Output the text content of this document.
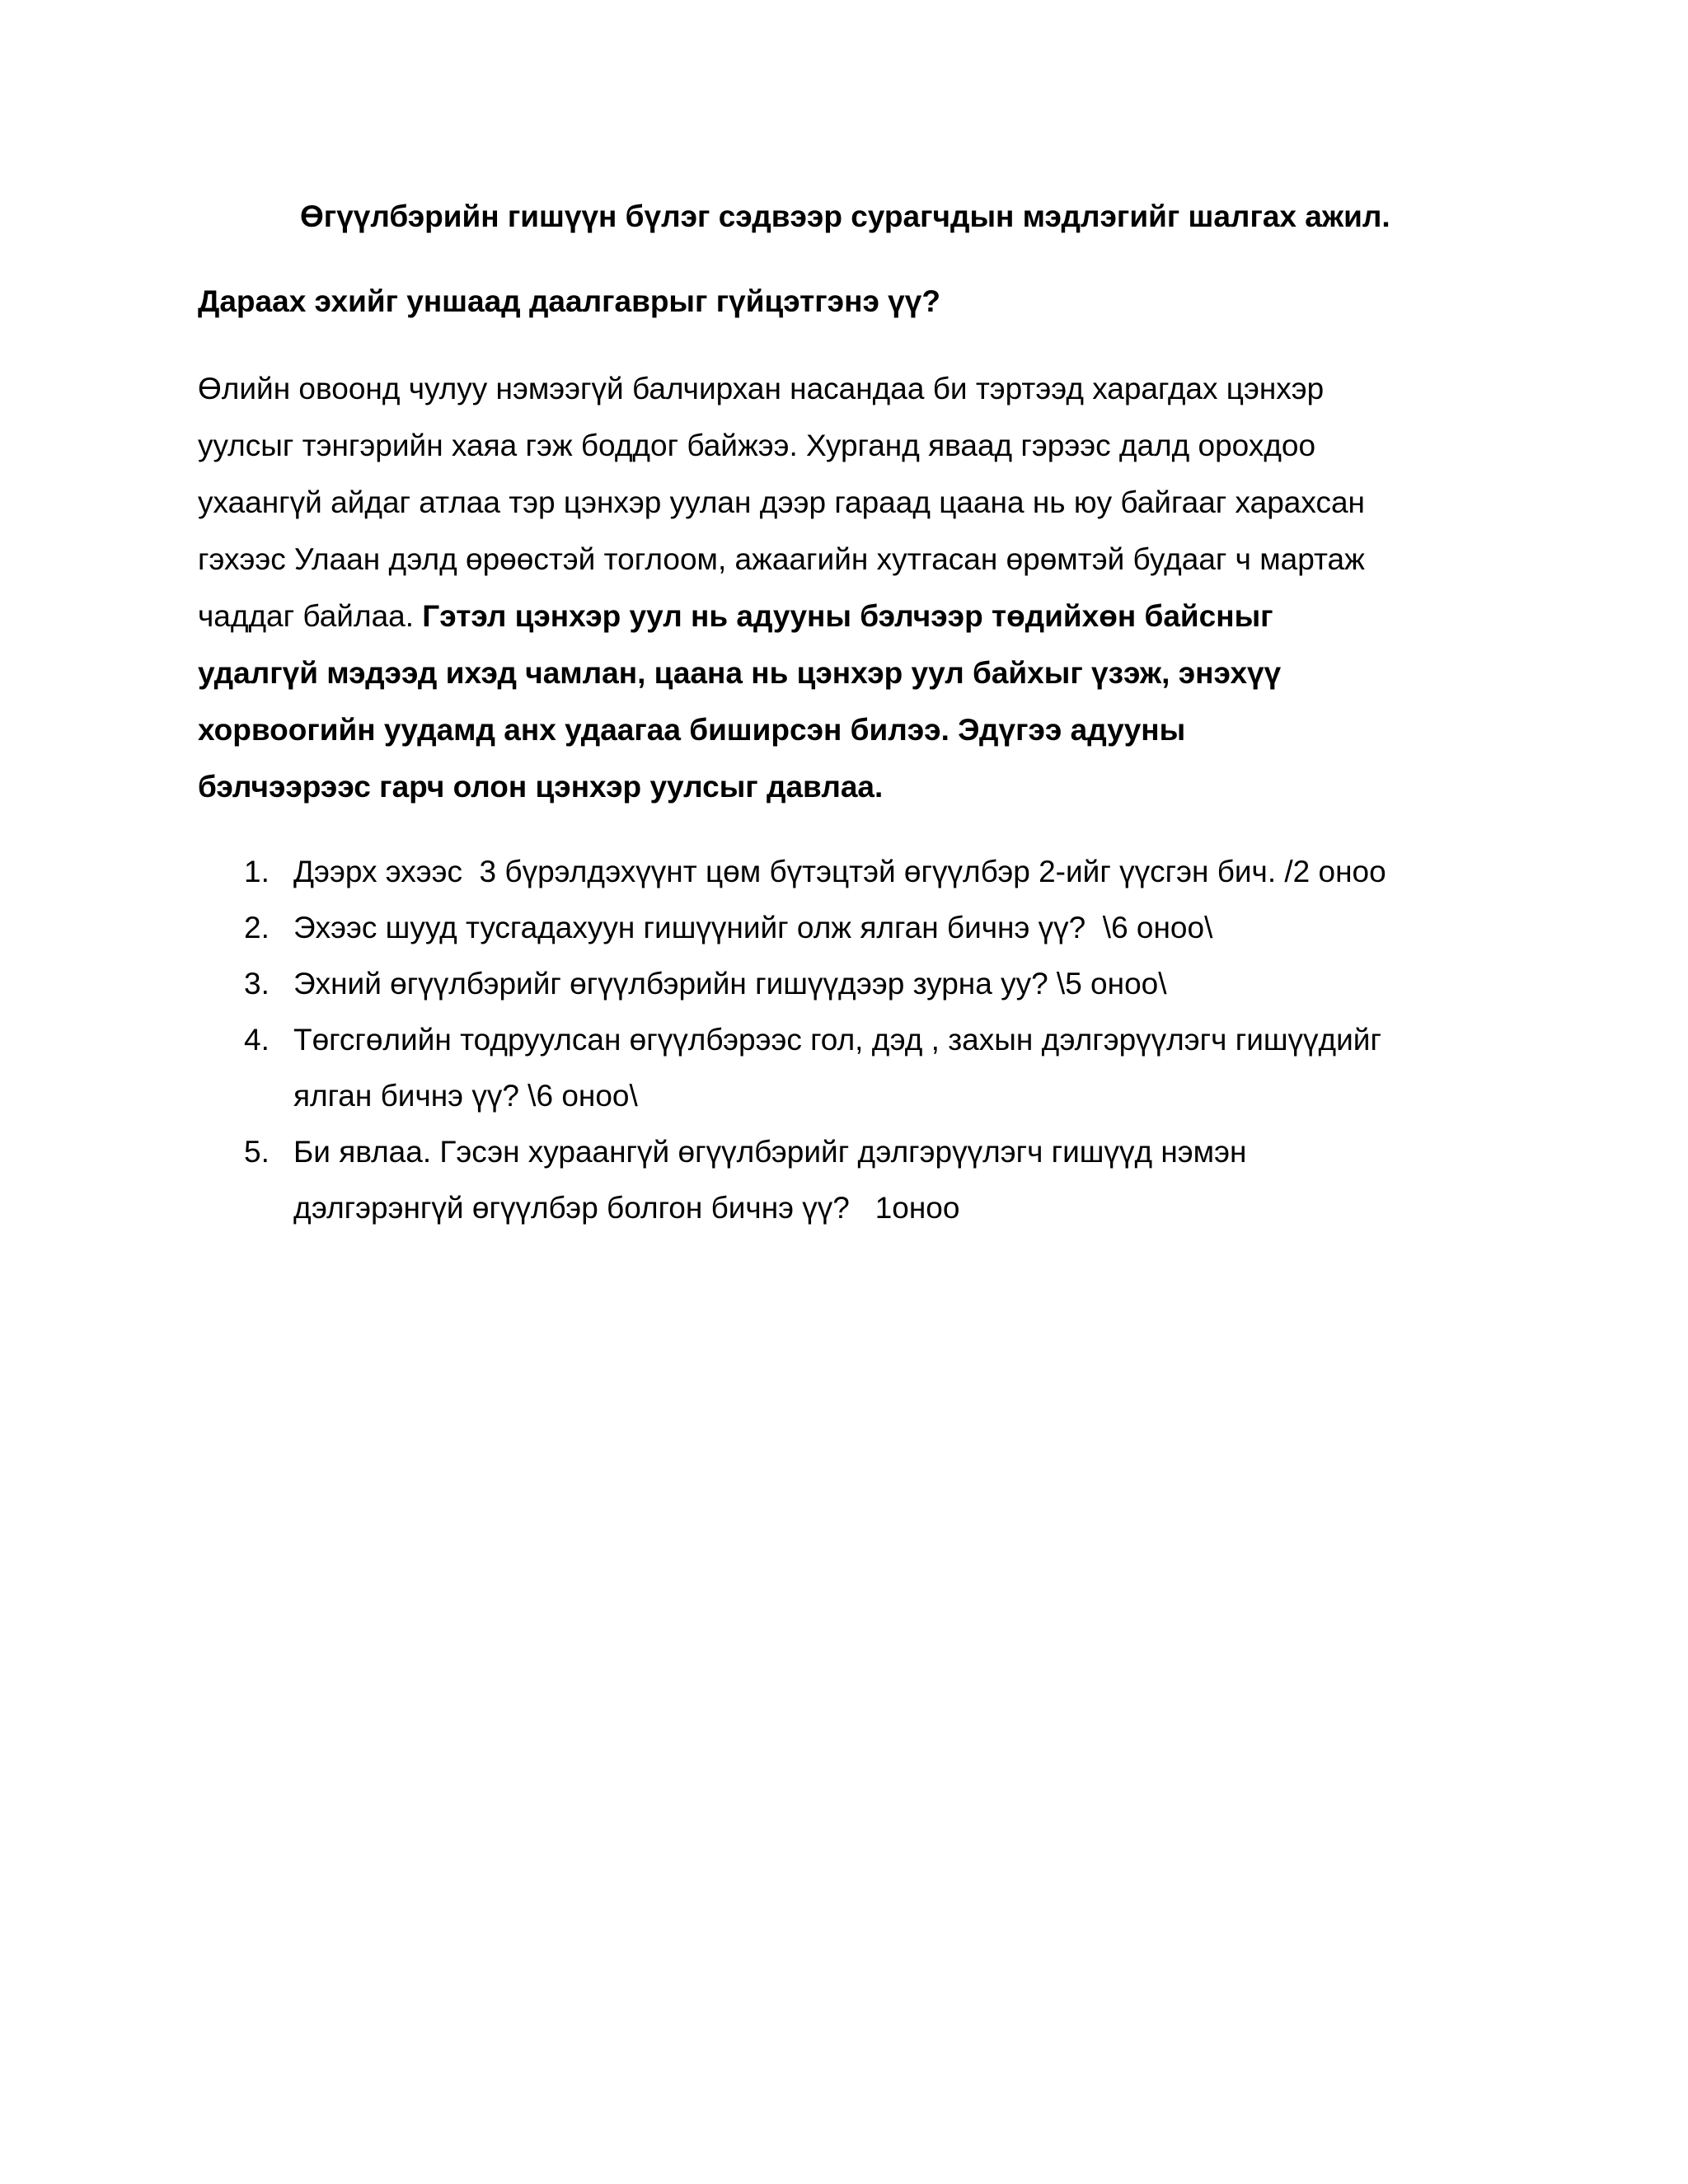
Өгүүлбэрийн гишүүн бүлэг сэдвээр сурагчдын мэдлэгийг шалгах ажил.
Дараах эхийг уншаад даалгаврыг гүйцэтгэнэ үү?
Өлийн овоонд чулуу нэмээгүй балчирхан насандаа би тэртээд харагдах цэнхэр
уулсыг тэнгэрийн хаяа гэж боддог байжээ. Хурганд яваад гэрээс далд орохдоо
ухаангүй айдаг атлаа тэр цэнхэр уулан дээр гараад цаана нь юу байгааг харахсан
гэхээс Улаан дэлд өрөөстэй тоглоом, ажаагийн хутгасан өрөмтэй будааг ч мартаж
чаддаг байлаа. Гэтэл цэнхэр уул нь адууны бэлчээр төдийхөн байсныг
удалгүй мэдээд ихэд чамлан, цаана нь цэнхэр уул байхыг үзэж, энэхүү
хорвоогийн уудамд анх удаагаа биширсэн билээ. Эдүгээ адууны
бэлчээрээс гарч олон цэнхэр уулсыг давлаа.
1. Дээрх эхээс  3 бүрэлдэхүүнт цөм бүтэцтэй өгүүлбэр 2-ийг үүсгэн бич. /2 оноо
2. Эхээс шууд тусгадахуун гишүүнийг олж ялган бичнэ үү?  \6 оноо\
3. Эхний өгүүлбэрийг өгүүлбэрийн гишүүдээр зурна уу? \5 оноо\
4. Төгсгөлийн тодруулсан өгүүлбэрээс гол, дэд , захын дэлгэрүүлэгч гишүүдийг
ялган бичнэ үү? \6 оноо\
5. Би явлаа. Гэсэн хураангүй өгүүлбэрийг дэлгэрүүлэгч гишүүд нэмэн
дэлгэрэнгүй өгүүлбэр болгон бичнэ үү?   1оноо
